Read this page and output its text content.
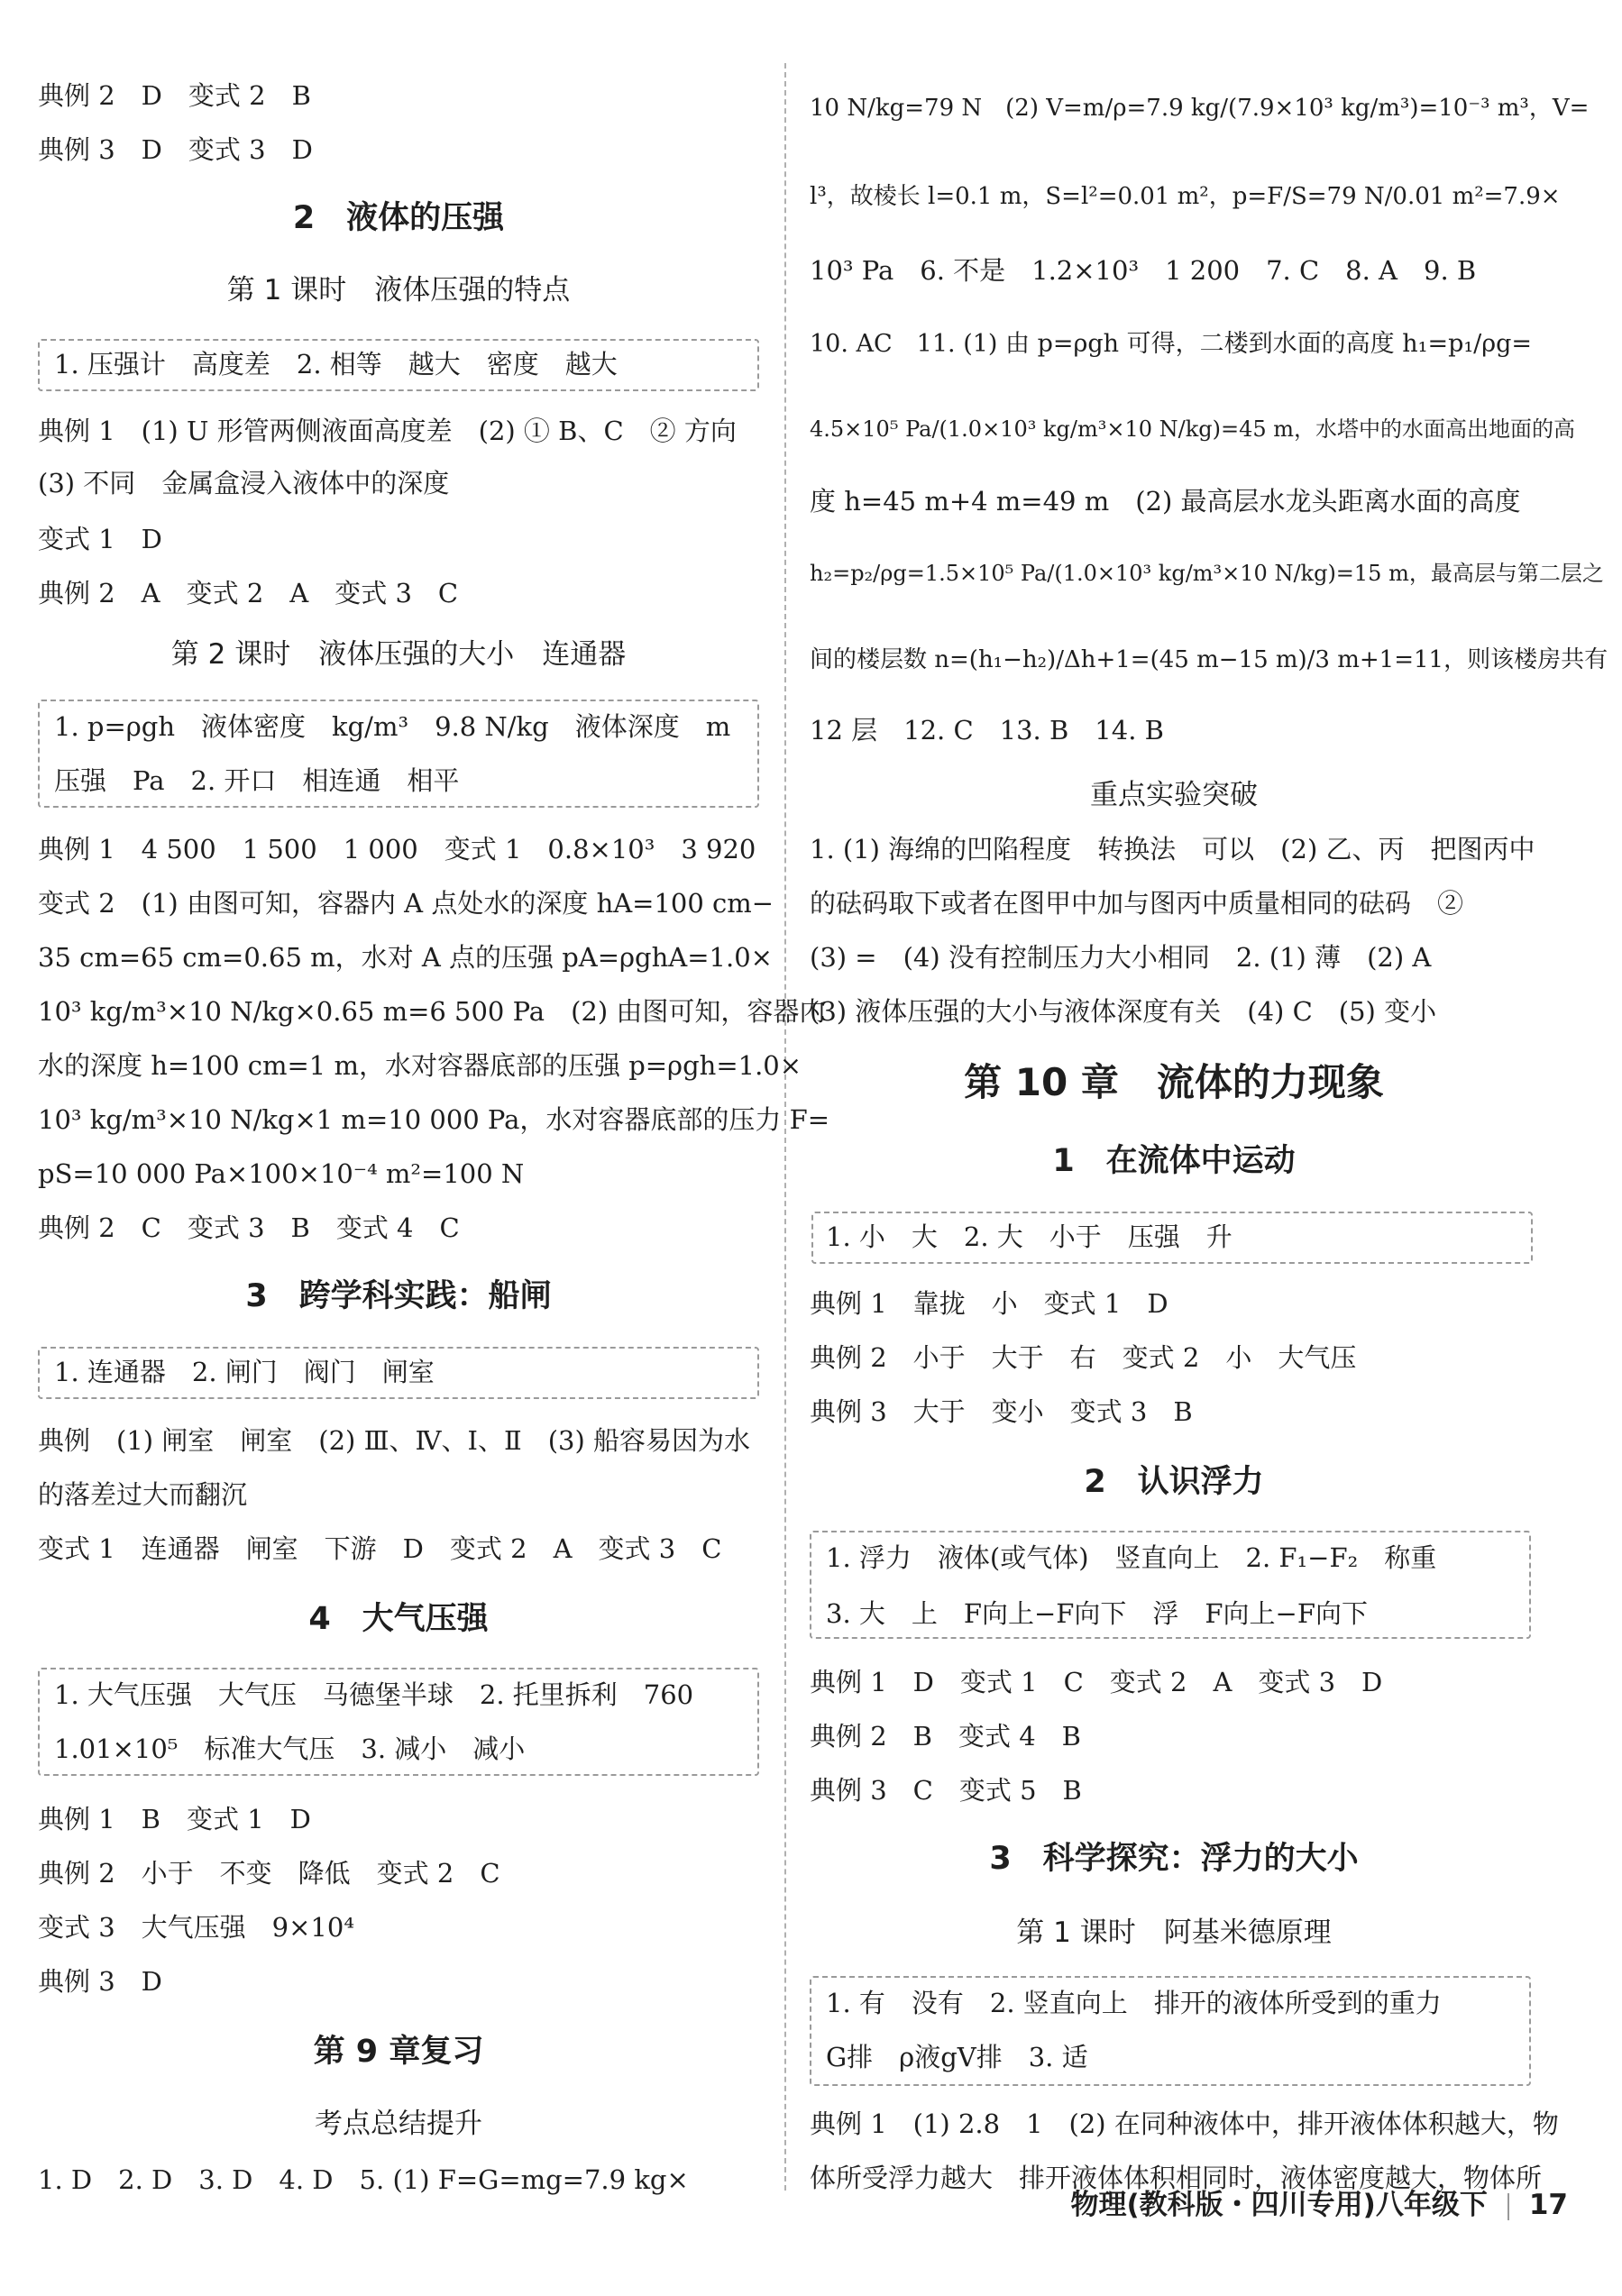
典例 2　D　变式 2　B
典例 3　D　变式 3　D
2　液体的压强
第 1 课时　液体压强的特点
1. 压强计　高度差　2. 相等　越大　密度　越大
典例 1　(1) U 形管两侧液面高度差　(2) ① B、C　② 方向
(3) 不同　金属盒浸入液体中的深度
变式 1　D
典例 2　A　变式 2　A　变式 3　C
第 2 课时　液体压强的大小　连通器
1. p=ρgh　液体密度　kg/m³　9.8 N/kg　液体深度　m
压强　Pa　2. 开口　相连通　相平
典例 1　4 500　1 500　1 000　变式 1　0.8×10³　3 920
变式 2　(1) 由图可知，容器内 A 点处水的深度 hA=100 cm−
35 cm=65 cm=0.65 m，水对 A 点的压强 pA=ρghA=1.0×
10³ kg/m³×10 N/kg×0.65 m=6 500 Pa　(2) 由图可知，容器内
水的深度 h=100 cm=1 m，水对容器底部的压强 p=ρgh=1.0×
10³ kg/m³×10 N/kg×1 m=10 000 Pa，水对容器底部的压力 F=
pS=10 000 Pa×100×10⁻⁴ m²=100 N
典例 2　C　变式 3　B　变式 4　C
3　跨学科实践：船闸
1. 连通器　2. 闸门　阀门　闸室
典例　(1) 闸室　闸室　(2) Ⅲ、Ⅳ、Ⅰ、Ⅱ　(3) 船容易因为水
的落差过大而翻沉
变式 1　连通器　闸室　下游　D　变式 2　A　变式 3　C
4　大气压强
1. 大气压强　大气压　马德堡半球　2. 托里拆利　760
1.01×10⁵　标准大气压　3. 减小　减小
典例 1　B　变式 1　D
典例 2　小于　不变　降低　变式 2　C
变式 3　大气压强　9×10⁴
典例 3　D
第 9 章复习
考点总结提升
1. D　2. D　3. D　4. D　5. (1) F=G=mg=7.9 kg×
10 N/kg=79 N　(2) V=m/ρ=7.9 kg/(7.9×10³ kg/m³)=10⁻³ m³，V=
l³，故棱长 l=0.1 m，S=l²=0.01 m²，p=F/S=79 N/0.01 m²=7.9×
10³ Pa　6. 不是　1.2×10³　1 200　7. C　8. A　9. B
10. AC　11. (1) 由 p=ρgh 可得，二楼到水面的高度 h₁=p₁/ρg=
4.5×10⁵ Pa/(1.0×10³ kg/m³×10 N/kg)=45 m，水塔中的水面高出地面的高
度 h=45 m+4 m=49 m　(2) 最高层水龙头距离水面的高度
h₂=p₂/ρg=1.5×10⁵ Pa/(1.0×10³ kg/m³×10 N/kg)=15 m，最高层与第二层之
间的楼层数 n=(h₁−h₂)/Δh+1=(45 m−15 m)/3 m+1=11，则该楼房共有
12 层　12. C　13. B　14. B
重点实验突破
1. (1) 海绵的凹陷程度　转换法　可以　(2) 乙、丙　把图丙中
的砝码取下或者在图甲中加与图丙中质量相同的砝码　②
(3) =　(4) 没有控制压力大小相同　2. (1) 薄　(2) A
(3) 液体压强的大小与液体深度有关　(4) C　(5) 变小
第 10 章　流体的力现象
1　在流体中运动
1. 小　大　2. 大　小于　压强　升
典例 1　靠拢　小　变式 1　D
典例 2　小于　大于　右　变式 2　小　大气压
典例 3　大于　变小　变式 3　B
2　认识浮力
1. 浮力　液体(或气体)　竖直向上　2. F₁−F₂　称重
3. 大　上　F向上−F向下　浮　F向上−F向下
典例 1　D　变式 1　C　变式 2　A　变式 3　D
典例 2　B　变式 4　B
典例 3　C　变式 5　B
3　科学探究：浮力的大小
第 1 课时　阿基米德原理
1. 有　没有　2. 竖直向上　排开的液体所受到的重力
G排　ρ液gV排　3. 适
典例 1　(1) 2.8　1　(2) 在同种液体中，排开液体体积越大，物
体所受浮力越大　排开液体体积相同时，液体密度越大，物体所
物理(教科版・四川专用)八年级下 17
